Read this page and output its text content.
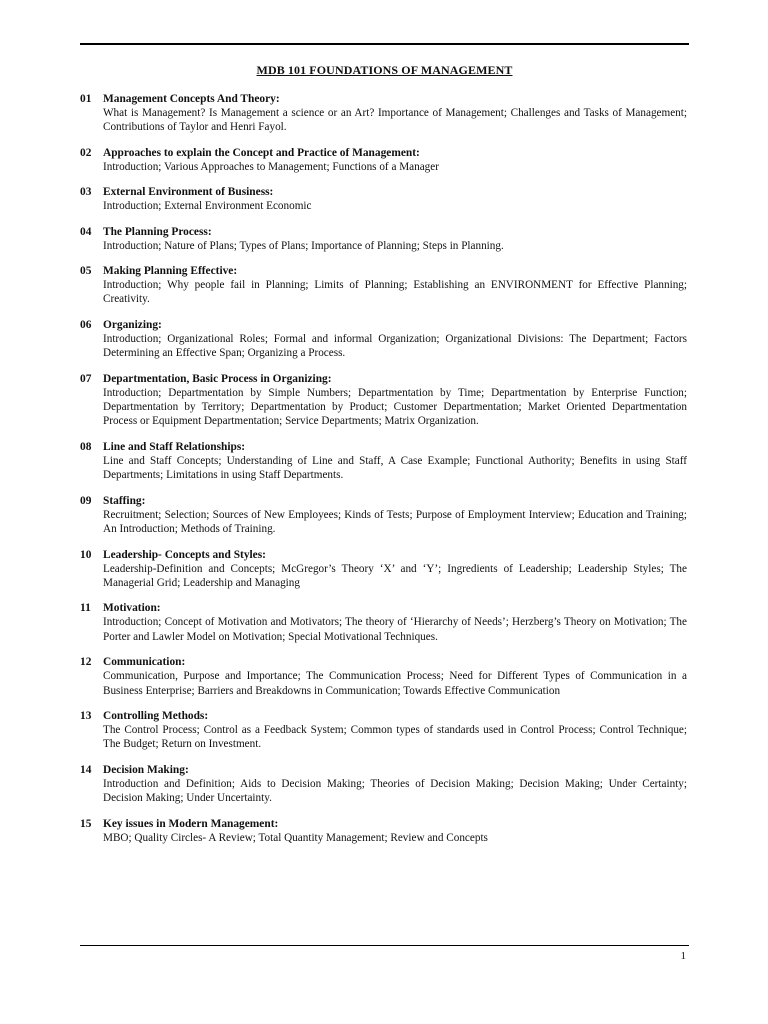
MDB 101 FOUNDATIONS OF MANAGEMENT
01	Management Concepts And Theory:
What is Management? Is Management a science or an Art? Importance of Management; Challenges and Tasks of Management; Contributions of Taylor and Henri Fayol.
02	Approaches to explain the Concept and Practice of Management:
Introduction; Various Approaches to Management; Functions of a Manager
03	External Environment of Business:
Introduction; External Environment Economic
04	The Planning Process:
Introduction; Nature of Plans; Types of Plans; Importance of Planning; Steps in Planning.
05	Making Planning Effective:
Introduction; Why people fail in Planning; Limits of Planning; Establishing an ENVIRONMENT for Effective Planning; Creativity.
06	Organizing:
Introduction; Organizational Roles; Formal and informal Organization; Organizational Divisions: The Department; Factors Determining an Effective Span; Organizing a Process.
07	Departmentation, Basic Process in Organizing:
Introduction; Departmentation by Simple Numbers; Departmentation by Time; Departmentation by Enterprise Function; Departmentation by Territory; Departmentation by Product; Customer Departmentation; Market Oriented Departmentation Process or Equipment Departmentation; Service Departments; Matrix Organization.
08	Line and Staff Relationships:
Line and Staff Concepts; Understanding of Line and Staff, A Case Example; Functional Authority; Benefits in using Staff Departments; Limitations in using Staff Departments.
09	Staffing:
Recruitment; Selection; Sources of New Employees; Kinds of Tests; Purpose of Employment Interview; Education and Training; An Introduction; Methods of Training.
10	Leadership- Concepts and Styles:
Leadership-Definition and Concepts; McGregor’s Theory ‘X’ and ‘Y’; Ingredients of Leadership; Leadership Styles; The Managerial Grid; Leadership and Managing
11	Motivation:
Introduction; Concept of Motivation and Motivators; The theory of ‘Hierarchy of Needs’; Herzberg’s Theory on Motivation; The Porter and Lawler Model on Motivation; Special Motivational Techniques.
12	Communication:
Communication, Purpose and Importance; The Communication Process; Need for Different Types of Communication in a Business Enterprise; Barriers and Breakdowns in Communication; Towards Effective Communication
13	Controlling Methods:
The Control Process; Control as a Feedback System; Common types of standards used in Control Process; Control Technique; The Budget; Return on Investment.
14	Decision Making:
Introduction and Definition; Aids to Decision Making; Theories of Decision Making; Decision Making; Under Certainty; Decision Making; Under Uncertainty.
15	Key issues in Modern Management:
MBO; Quality Circles- A Review; Total Quantity Management; Review and Concepts
1
